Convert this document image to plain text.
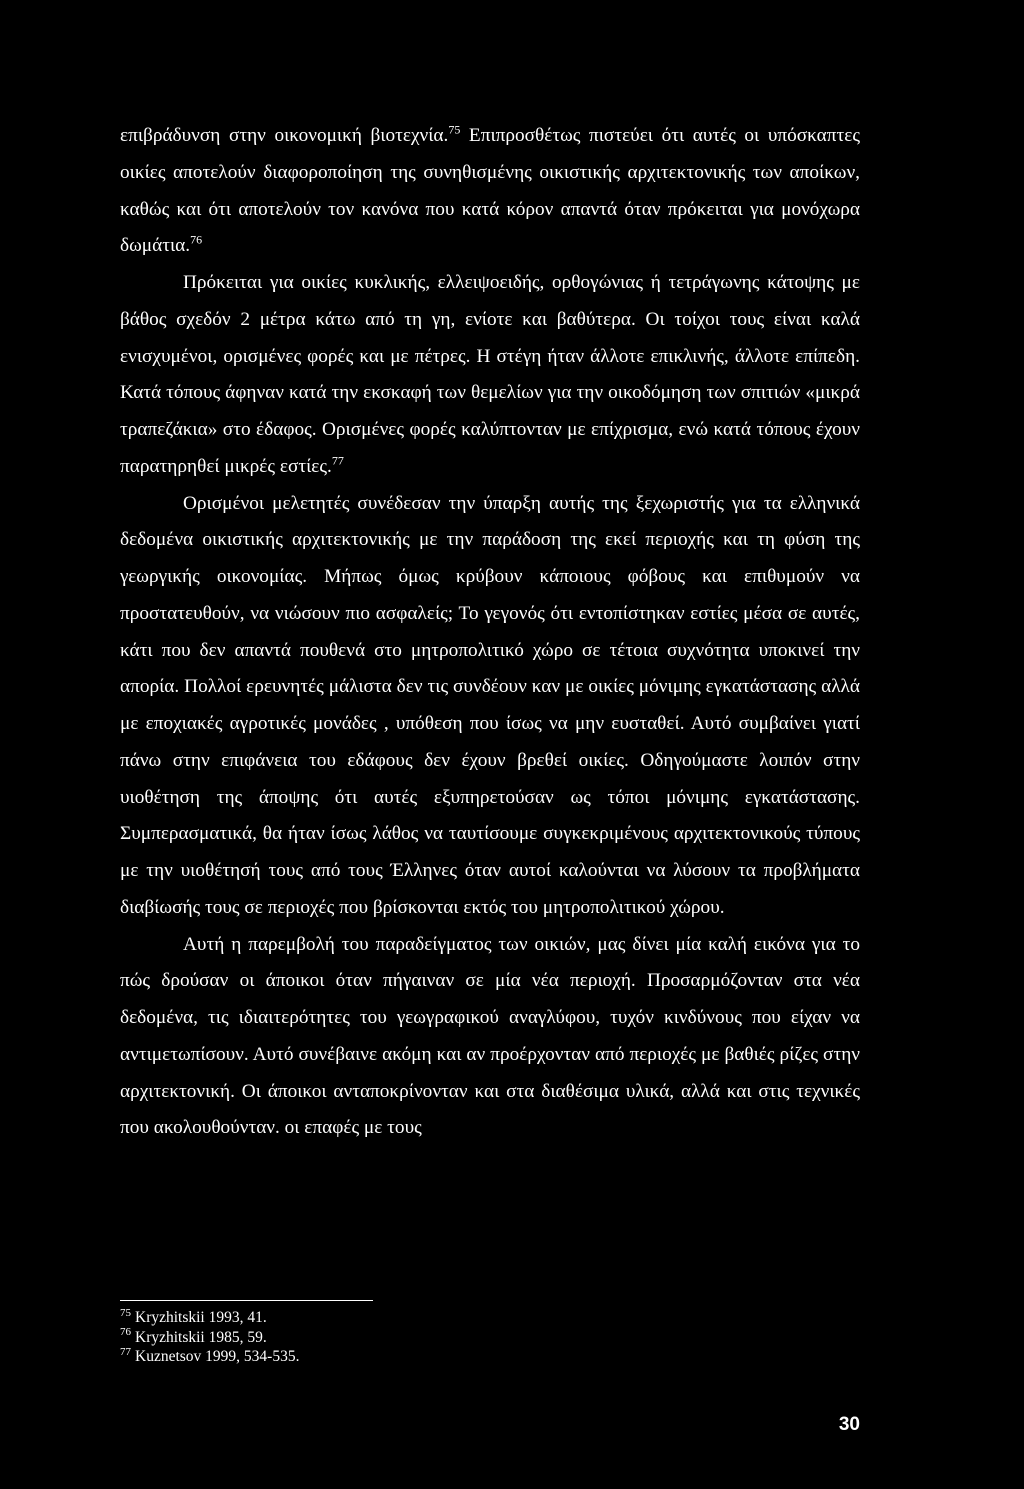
επιβράδυνση στην οικονομική βιοτεχνία.$^{75}$ Επιπροσθέτως πιστεύει ότι αυτές οι υπόσκαπτες οικίες αποτελούν διαφοροποίηση της συνηθισμένης οικιστικής αρχιτεκτονικής των αποίκων, καθώς και ότι αποτελούν τον κανόνα που κατά κόρον απαντά όταν πρόκειται για μονόχωρα δωμάτια.$^{76}$

Πρόκειται για οικίες κυκλικής, ελλειψοειδής, ορθογώνιας ή τετράγωνης κάτοψης με βάθος σχεδόν 2 μέτρα κάτω από τη γη, ενίοτε και βαθύτερα. Οι τοίχοι τους είναι καλά ενισχυμένοι, ορισμένες φορές και με πέτρες. Η στέγη ήταν άλλοτε επικλινής, άλλοτε επίπεδη. Κατά τόπους άφηναν κατά την εκσκαφή των θεμελίων για την οικοδόμηση των σπιτιών «μικρά τραπεζάκια» στο έδαφος. Ορισμένες φορές καλύπτονταν με επίχρισμα, ενώ κατά τόπους έχουν παρατηρηθεί μικρές εστίες.$^{77}$

Ορισμένοι μελετητές συνέδεσαν την ύπαρξη αυτής της ξεχωριστής για τα ελληνικά δεδομένα οικιστικής αρχιτεκτονικής με την παράδοση της εκεί περιοχής και τη φύση της γεωργικής οικονομίας. Μήπως όμως κρύβουν κάποιους φόβους και επιθυμούν να προστατευθούν, να νιώσουν πιο ασφαλείς; Το γεγονός ότι εντοπίστηκαν εστίες μέσα σε αυτές, κάτι που δεν απαντά πουθενά στο μητροπολιτικό χώρο σε τέτοια συχνότητα υποκινεί την απορία. Πολλοί ερευνητές μάλιστα δεν τις συνδέουν καν με οικίες μόνιμης εγκατάστασης αλλά με εποχιακές αγροτικές μονάδες , υπόθεση που ίσως να μην ευσταθεί. Αυτό συμβαίνει γιατί πάνω στην επιφάνεια του εδάφους δεν έχουν βρεθεί οικίες. Οδηγούμαστε λοιπόν στην υιοθέτηση της άποψης ότι αυτές εξυπηρετούσαν ως τόποι μόνιμης εγκατάστασης. Συμπερασματικά, θα ήταν ίσως λάθος να ταυτίσουμε συγκεκριμένους αρχιτεκτονικούς τύπους με την υιοθέτησή τους από τους Έλληνες όταν αυτοί καλούνται να λύσουν τα προβλήματα διαβίωσής τους σε περιοχές που βρίσκονται εκτός του μητροπολιτικού χώρου.

Αυτή η παρεμβολή του παραδείγματος των οικιών, μας δίνει μία καλή εικόνα για το πώς δρούσαν οι άποικοι όταν πήγαιναν σε μία νέα περιοχή. Προσαρμόζονταν στα νέα δεδομένα, τις ιδιαιτερότητες του γεωγραφικού αναγλύφου, τυχόν κινδύνους που είχαν να αντιμετωπίσουν. Αυτό συνέβαινε ακόμη και αν προέρχονταν από περιοχές με βαθιές ρίζες στην αρχιτεκτονική. Οι άποικοι ανταποκρίνονταν και στα διαθέσιμα υλικά, αλλά και στις τεχνικές που ακολουθούνταν. οι επαφές με τους

$^{75}$ Kryzhitskii 1993, 41.
$^{76}$ Kryzhitskii 1985, 59.
$^{77}$ Kuznetsov 1999, 534-535.
30
